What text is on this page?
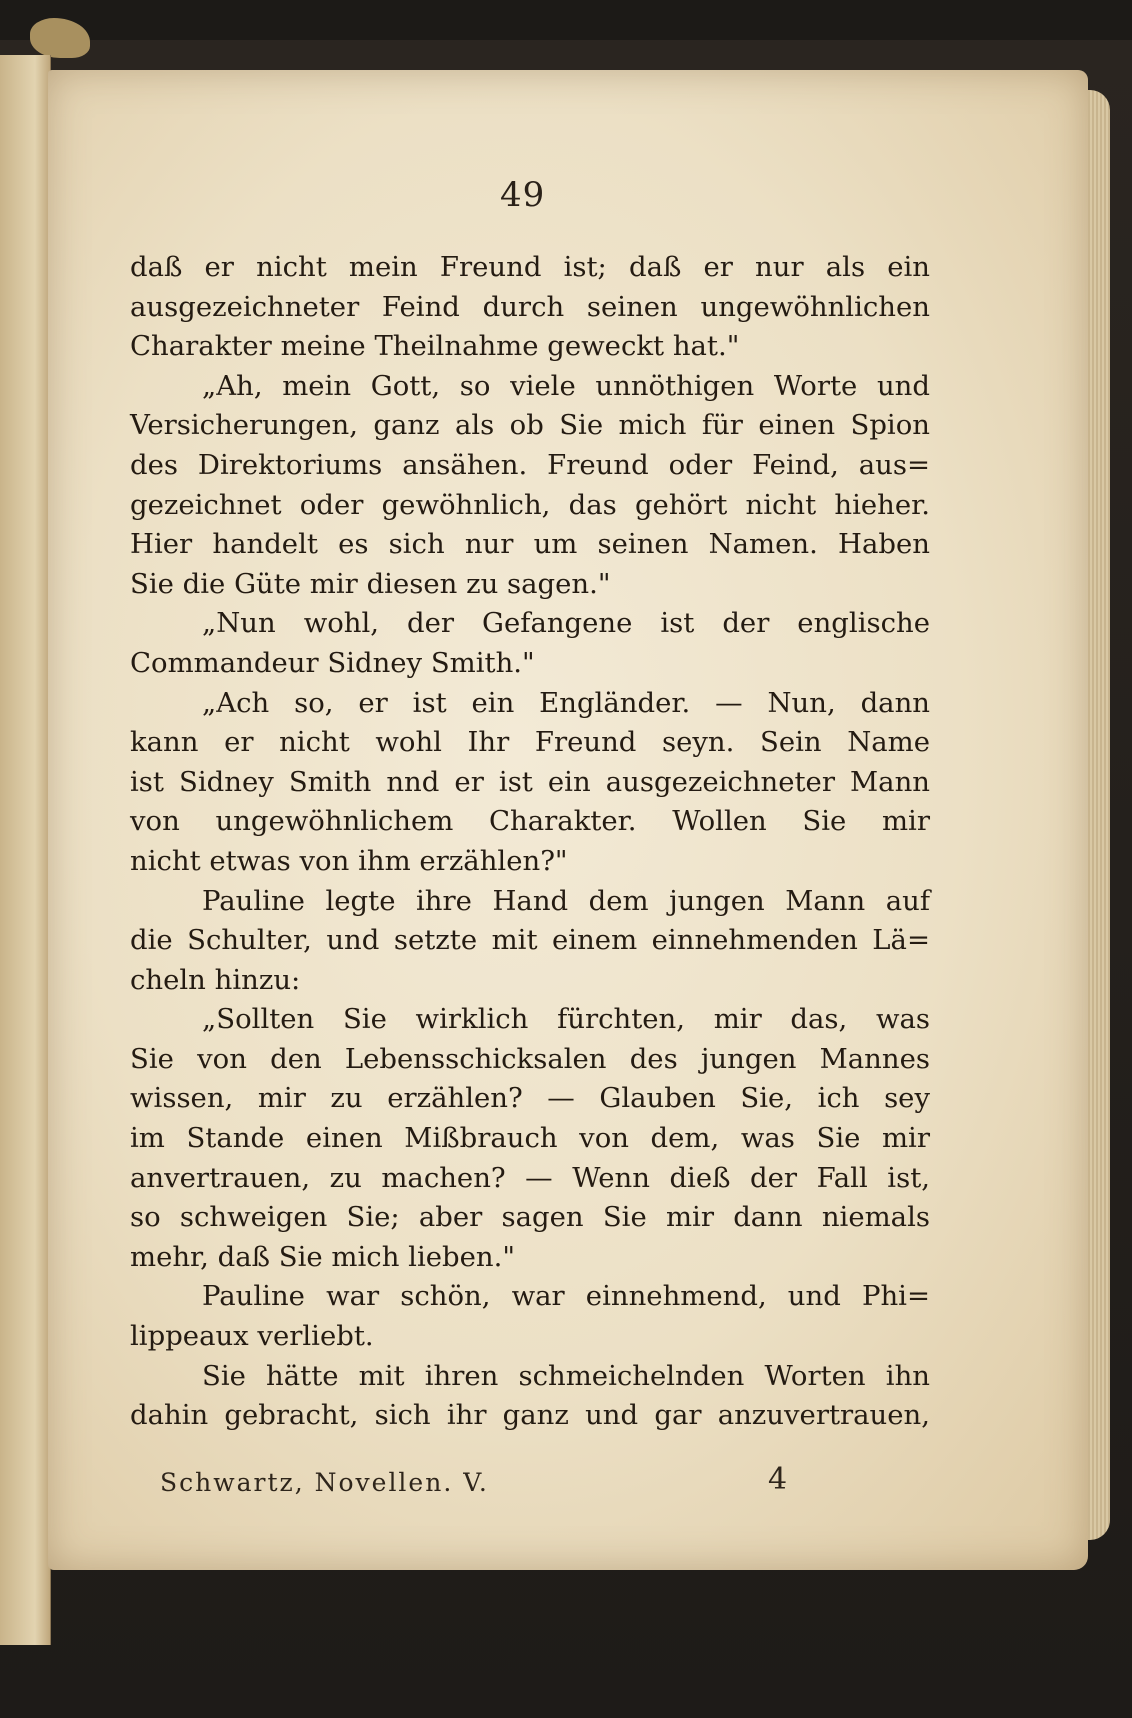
49
daß er nicht mein Freund ist; daß er nur als ein
ausgezeichneter Feind durch seinen ungewöhnlichen
Charakter meine Theilnahme geweckt hat."
„Ah, mein Gott, so viele unnöthigen Worte und
Versicherungen, ganz als ob Sie mich für einen Spion
des Direktoriums ansähen. Freund oder Feind, aus=
gezeichnet oder gewöhnlich, das gehört nicht hieher.
Hier handelt es sich nur um seinen Namen. Haben
Sie die Güte mir diesen zu sagen."
„Nun wohl, der Gefangene ist der englische
Commandeur Sidney Smith."
„Ach so, er ist ein Engländer. — Nun, dann
kann er nicht wohl Ihr Freund seyn. Sein Name
ist Sidney Smith nnd er ist ein ausgezeichneter Mann
von ungewöhnlichem Charakter. Wollen Sie mir
nicht etwas von ihm erzählen?"
Pauline legte ihre Hand dem jungen Mann auf
die Schulter, und setzte mit einem einnehmenden Lä=
cheln hinzu:
„Sollten Sie wirklich fürchten, mir das, was
Sie von den Lebensschicksalen des jungen Mannes
wissen, mir zu erzählen? — Glauben Sie, ich sey
im Stande einen Mißbrauch von dem, was Sie mir
anvertrauen, zu machen? — Wenn dieß der Fall ist,
so schweigen Sie; aber sagen Sie mir dann niemals
mehr, daß Sie mich lieben."
Pauline war schön, war einnehmend, und Phi=
lippeaux verliebt.
Sie hätte mit ihren schmeichelnden Worten ihn
dahin gebracht, sich ihr ganz und gar anzuvertrauen,
Schwartz, Novellen. V.	4
